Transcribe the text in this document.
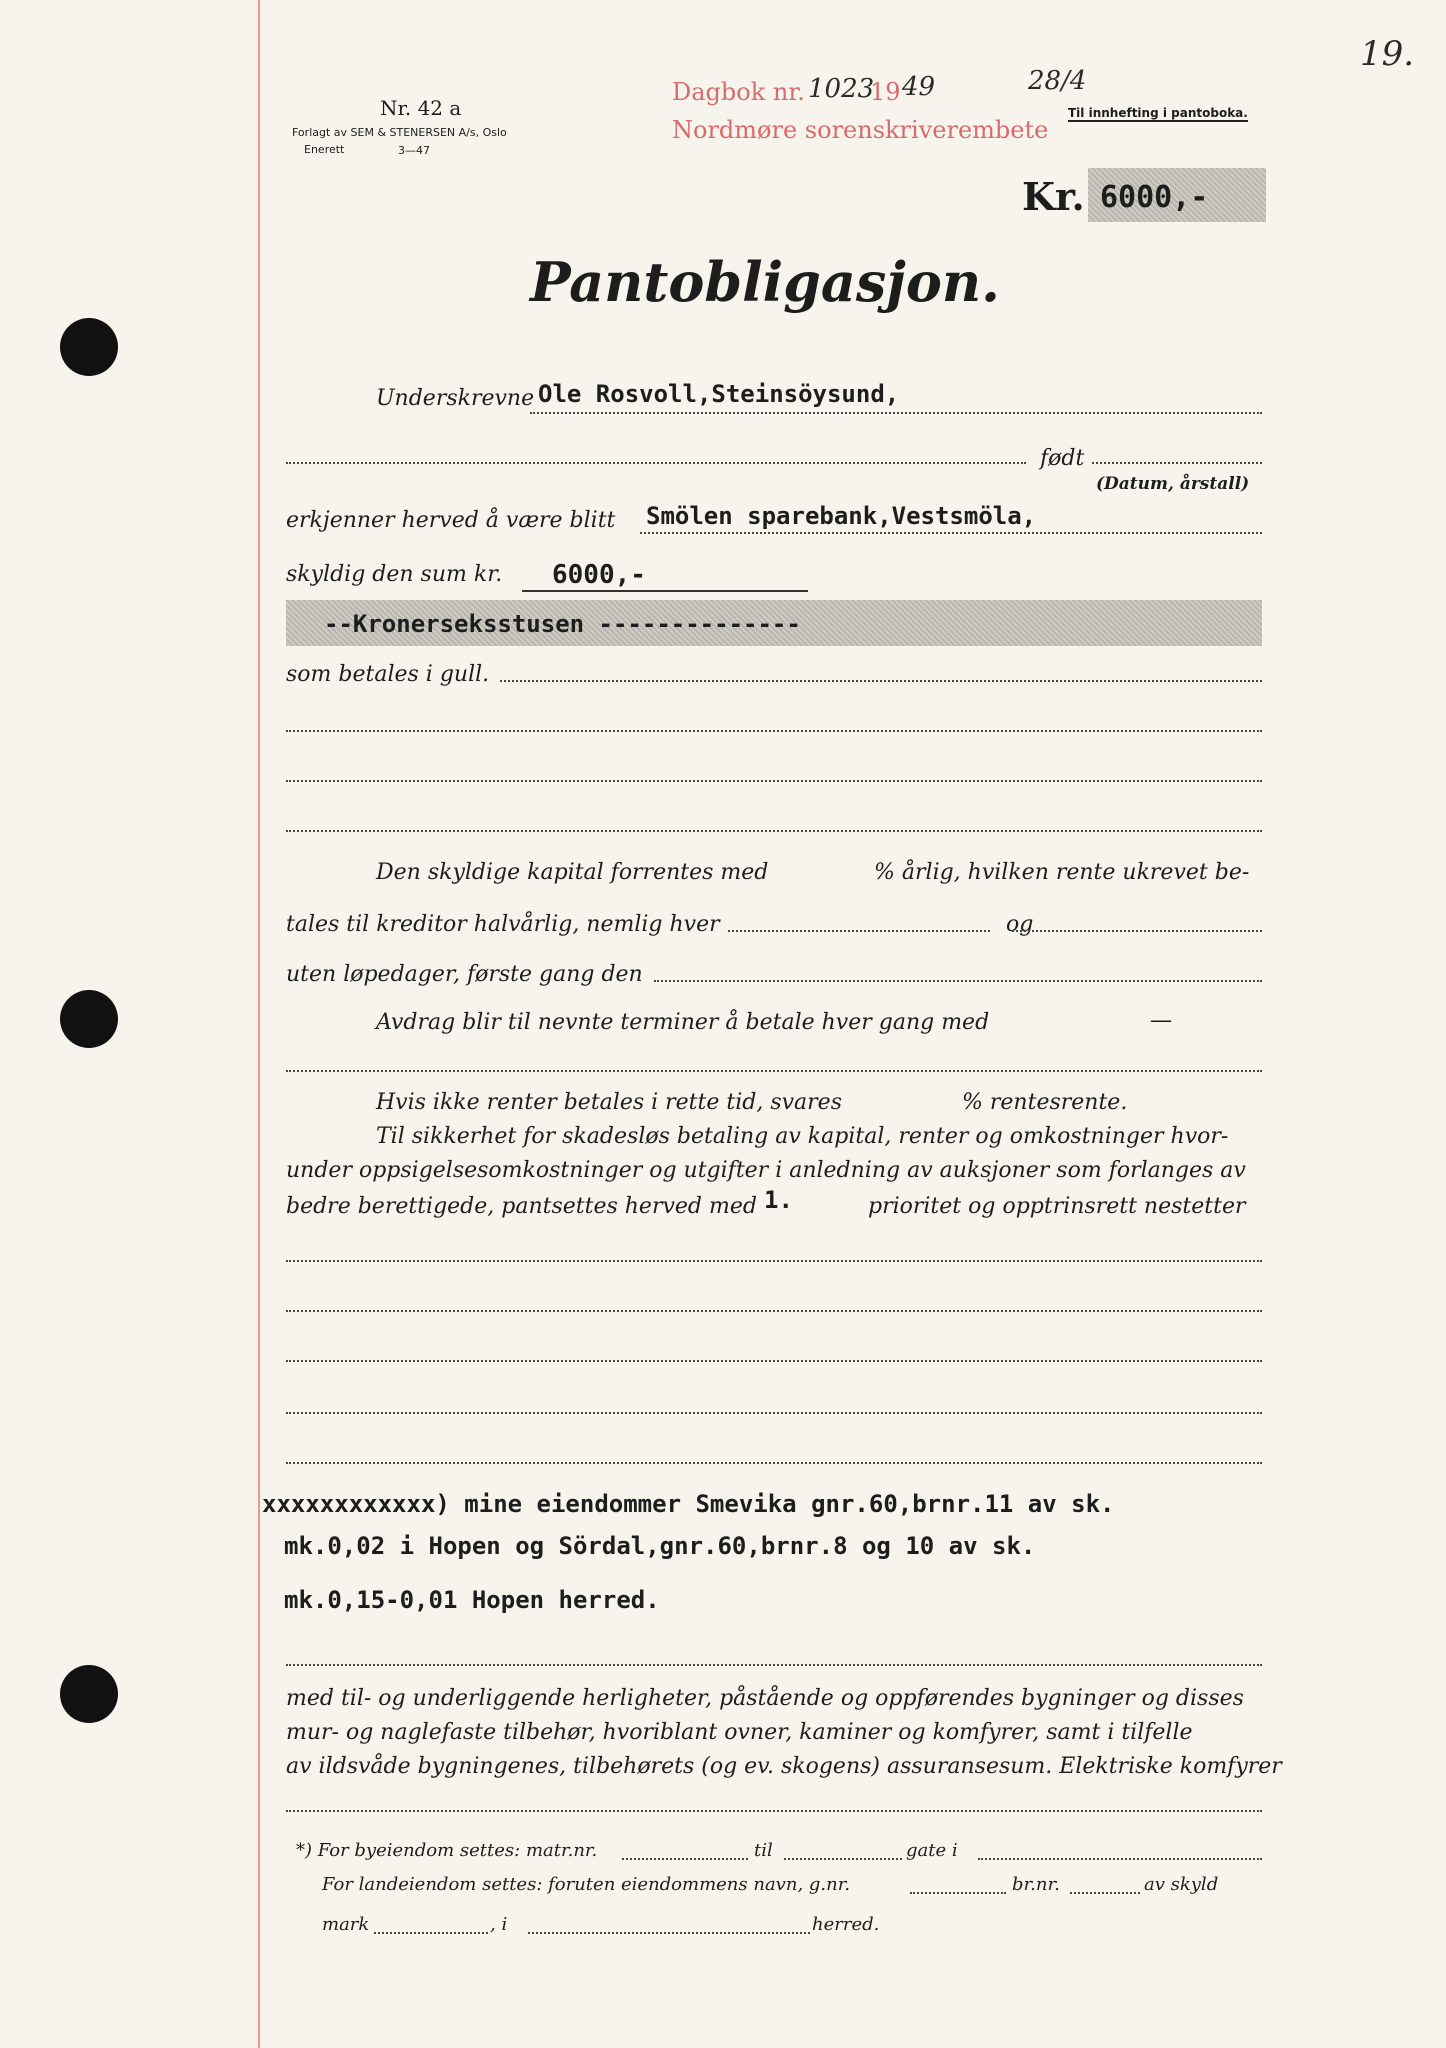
Nr. 42 a
Forlagt av SEM & STENERSEN A/s, Oslo
Enerett	3—47
Dagbok nr. 1023
19 49	28/4
Nordmøre sorenskriverembete
Til innhefting i pantoboka.
19.
Kr. 6000,-
Pantobligasjon.
Underskrevne Ole Rosvoll,Steinsöysund,
født
(Datum, årstall)
erkjenner herved å være blitt Smölen sparebank,Vestsmöla,
skyldig den sum kr. 6000,-
--Kronerseksstusen --------------
som betales i gull.
Den skyldige kapital forrentes med	% årlig, hvilken rente ukrevet be-
tales til kreditor halvårlig, nemlig hver	og
uten løpedager, første gang den
Avdrag blir til nevnte terminer å betale hver gang med	—
Hvis ikke renter betales i rette tid, svares	% rentesrente.
Til sikkerhet for skadesløs betaling av kapital, renter og omkostninger hvor-
under oppsigelsesomkostninger og utgifter i anledning av auksjoner som forlanges av
bedre berettigede, pantsettes herved med 1.	prioritet og opptrinsrett nestetter
xxxxxxxxxxxx) mine eiendommer Smevika gnr.60,brnr.11 av sk.
mk.0,02 i Hopen og Sördal,gnr.60,brnr.8 og 10 av sk.
mk.0,15-0,01 Hopen herred.
med til- og underliggende herligheter, påstående og oppførendes bygninger og disses
mur- og naglefaste tilbehør, hvoriblant ovner, kaminer og komfyrer, samt i tilfelle
av ildsvåde bygningenes, tilbehørets (og ev. skogens) assuransesum. Elektriske komfyrer
*) For byeiendom settes: matr.nr.	til	gate i
For landeiendom settes: foruten eiendommens navn, g.nr.	br.nr.	av skyld
mark	, i	herred.
